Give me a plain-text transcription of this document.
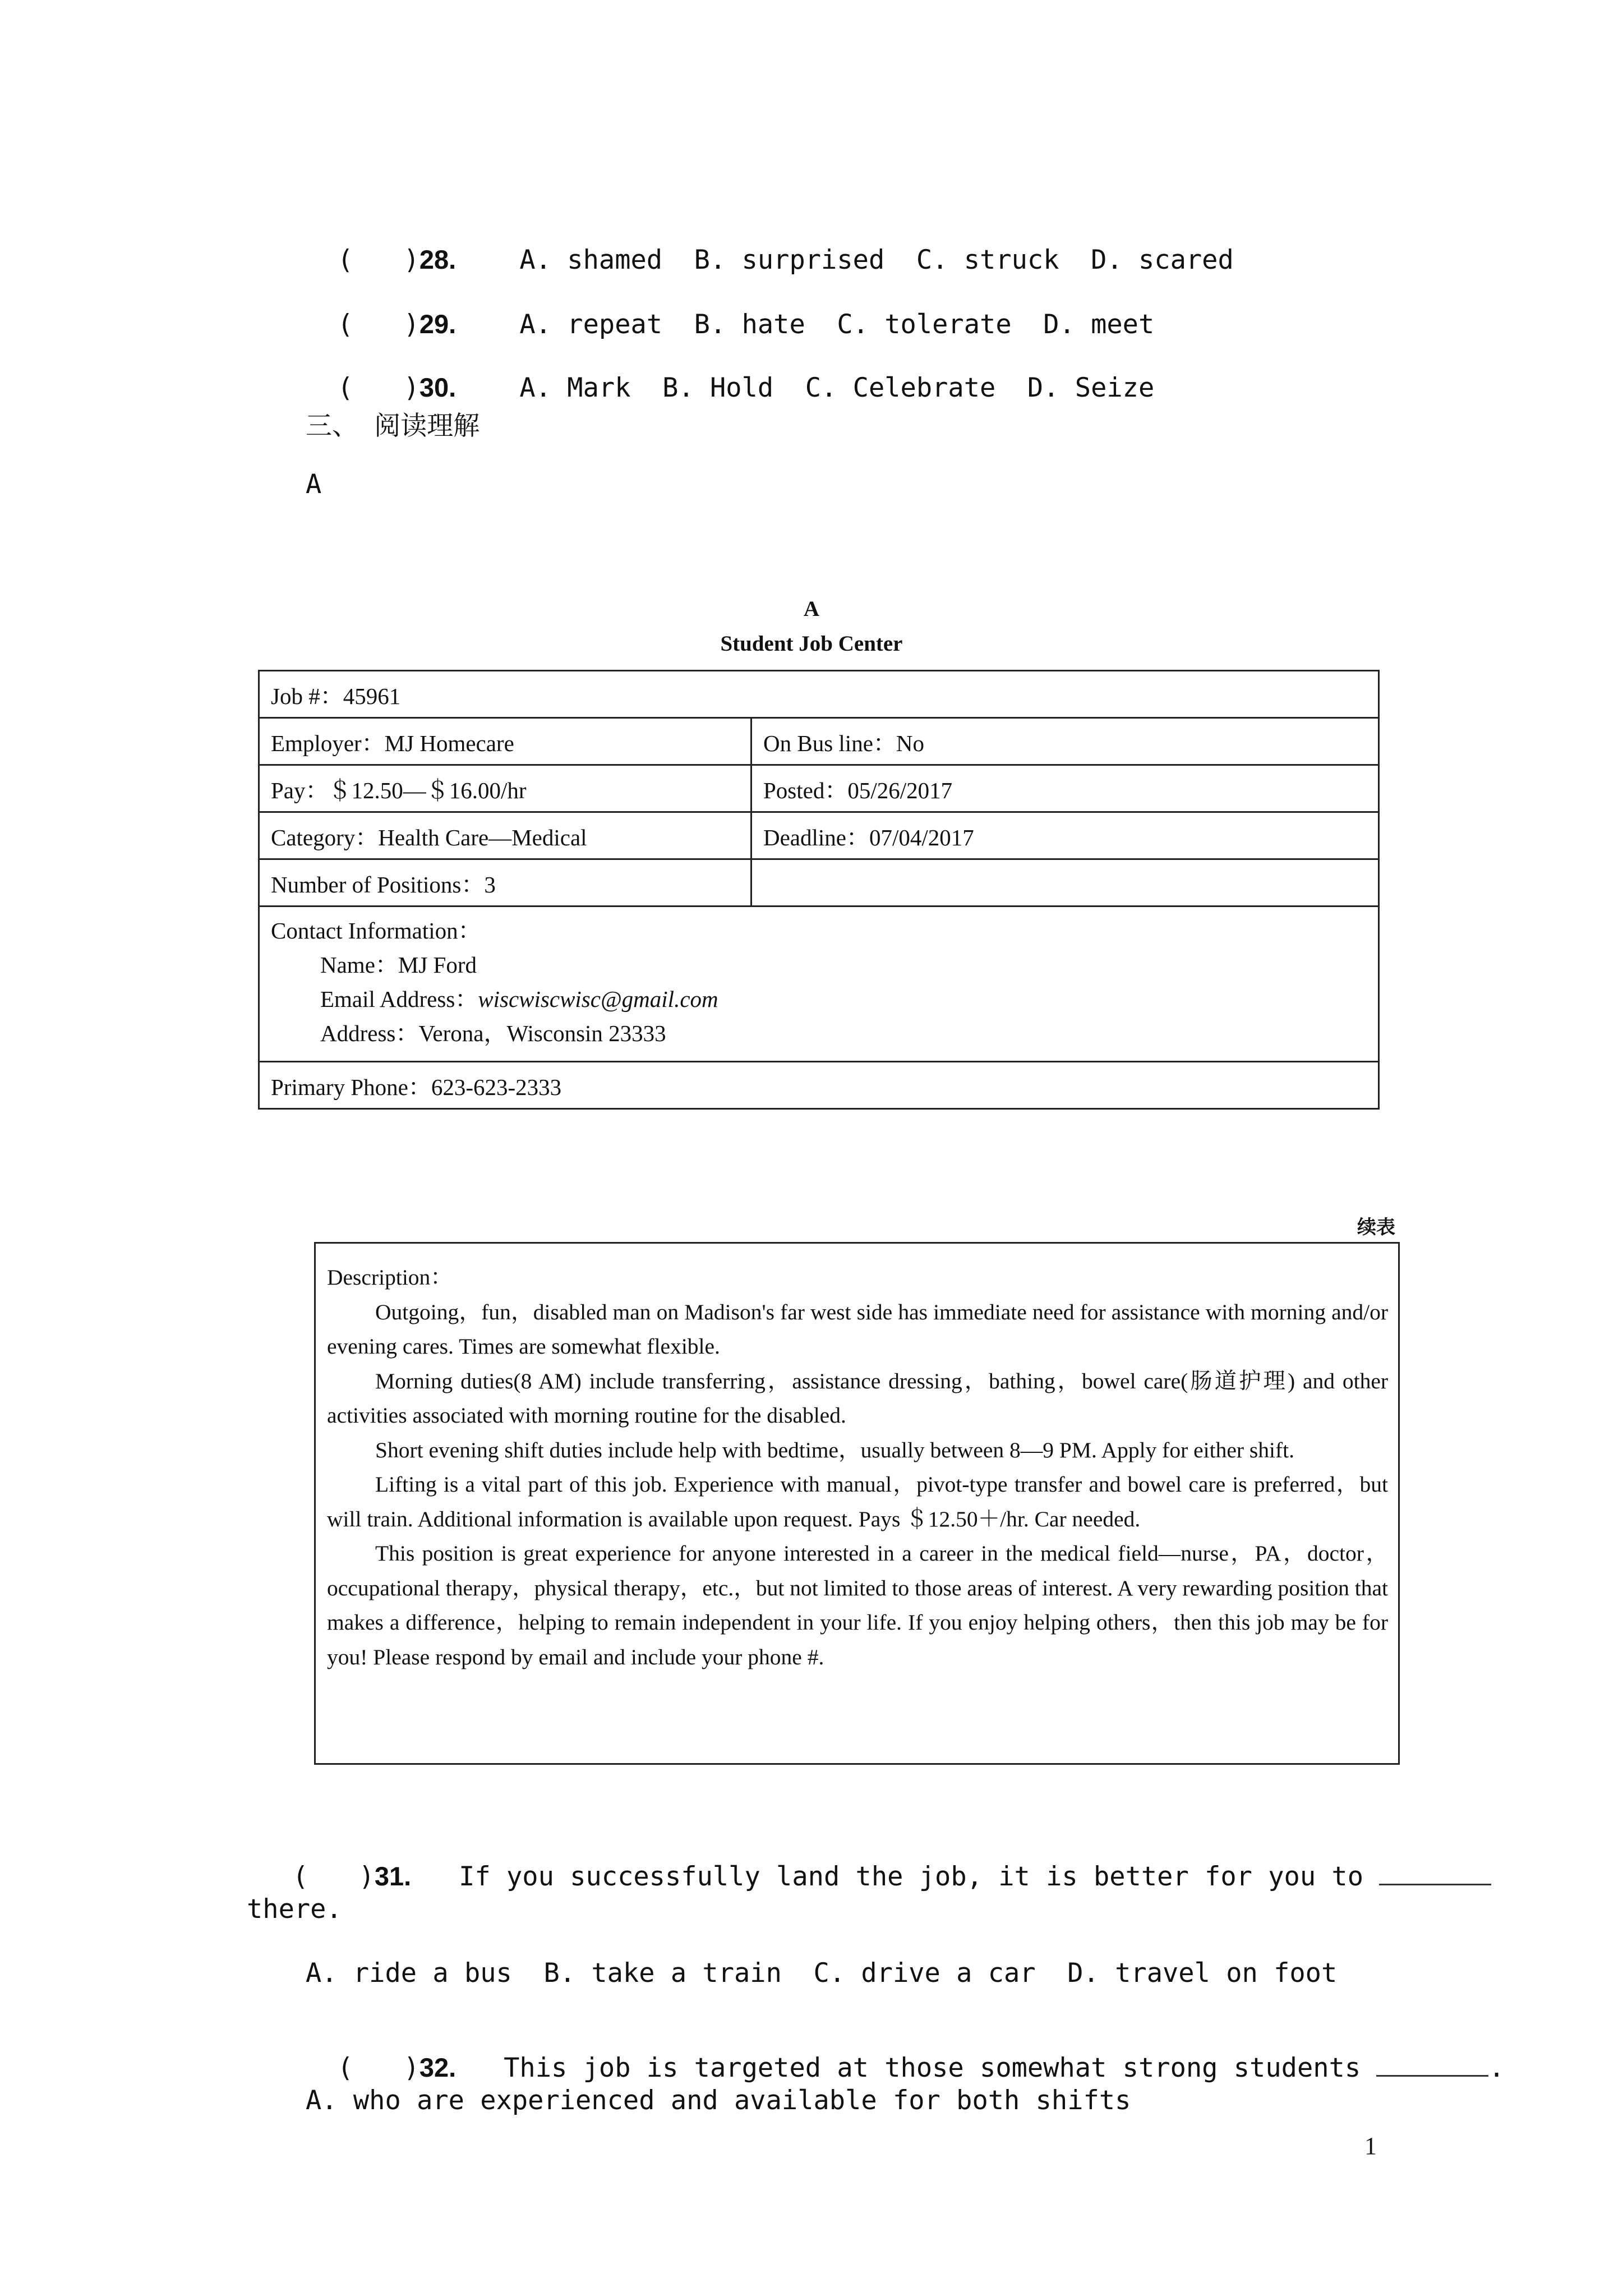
( )28. A. shamed  B. surprised  C. struck  D. scared

( )29. A. repeat  B. hate  C. tolerate  D. meet

( )30. A. Mark  B. Hold  C. Celebrate  D. Seize

三、 阅读理解
A
A
Student Job Center
Job #：45961	
Employer：MJ Homecare	On Bus line：No
Pay：＄12.50—＄16.00/hr	Posted：05/26/2017
Category：Health Care—Medical	Deadline：07/04/2017
Number of Positions：3	

Contact Information：
Name：MJ Ford
Email Address：wiscwiscwisc@gmail.com
Address：Verona，Wisconsin 23333	

Primary Phone：623-623-2333	
续表

Description：

Outgoing，fun，disabled man on Madison's far west side has immediate need for assistance with morning and/or evening cares. Times are somewhat flexible.

Morning duties(8 AM) include transferring，assistance dressing，bathing，bowel care(肠道护理) and other activities associated with morning routine for the disabled.

Short evening shift duties include help with bedtime，usually between 8—9 PM. Apply for either shift.

Lifting is a vital part of this job. Experience with manual，pivot-type transfer and bowel care is preferred，but will train. Additional information is available upon request. Pays ＄12.50＋/hr. Car needed.

This position is great experience for anyone interested in a career in the medical field—nurse，PA，doctor，occupational therapy，physical therapy，etc.，but not limited to those areas of interest. A very rewarding position that makes a difference，helping to remain independent in your life. If you enjoy helping others，then this job may be for you! Please respond by email and include your phone #.

( )31. If you successfully land the job, it is better for you to

there.
A. ride a bus  B. take a train  C. drive a car  D. travel on foot

( )32. This job is targeted at those somewhat strong students	.

A. who are experienced and available for both shifts
1
